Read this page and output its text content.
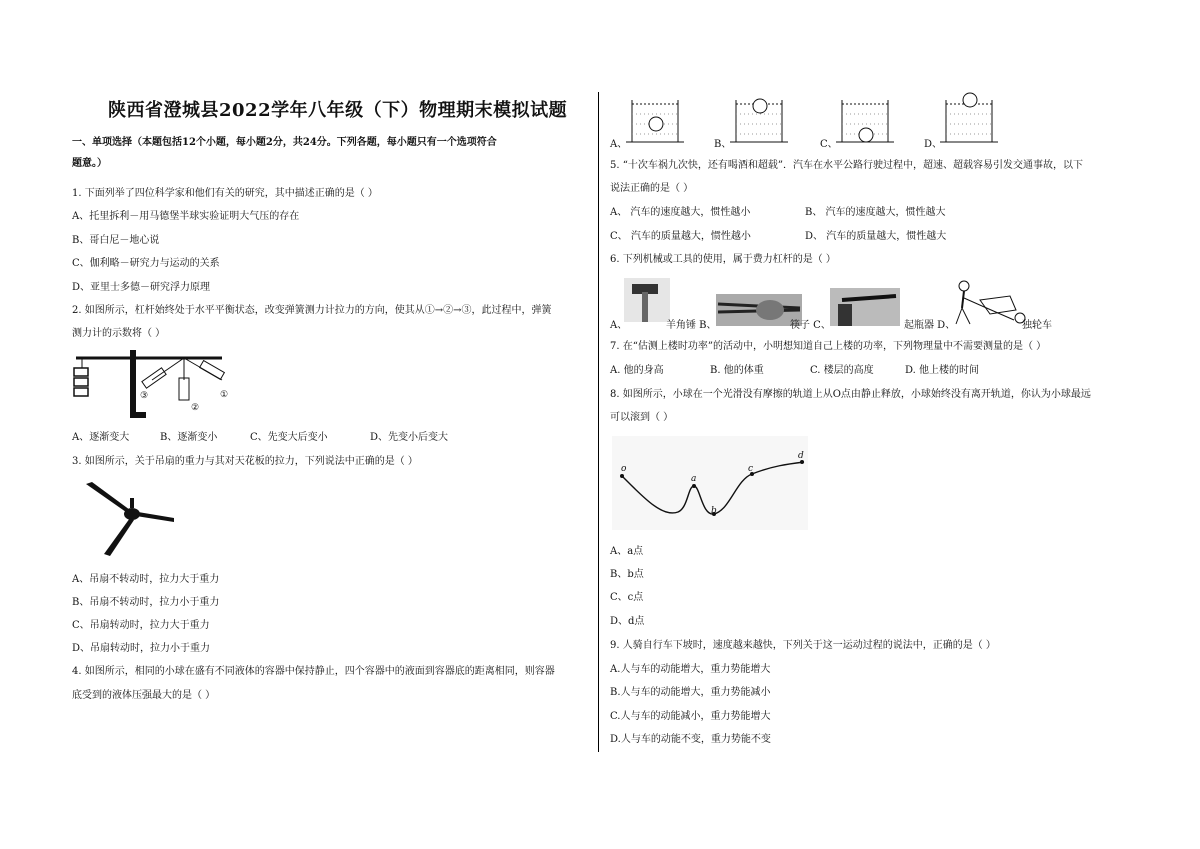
陕西省澄城县2022学年八年级（下）物理期末模拟试题
一、单项选择（本题包括12个小题，每小题2分，共24分。下列各题，每小题只有一个选项符合
题意。）
1. 下面列举了四位科学家和他们有关的研究，其中描述正确的是（ ）
A、托里拆利－用马德堡半球实验证明大气压的存在
B、哥白尼－地心说
C、伽利略－研究力与运动的关系
D、亚里士多德－研究浮力原理
2. 如图所示，杠杆始终处于水平平衡状态，改变弹簧测力计拉力的方向，使其从①→②→③，此过程中，弹簧
测力计的示数将（ ）
③
②
①
A、逐渐变大	B、逐渐变小	C、先变大后变小	D、先变小后变大
3. 如图所示，关于吊扇的重力与其对天花板的拉力，下列说法中正确的是（ ）
A、吊扇不转动时，拉力大于重力
B、吊扇不转动时，拉力小于重力
C、吊扇转动时，拉力大于重力
D、吊扇转动时，拉力小于重力
4. 如图所示，相同的小球在盛有不同液体的容器中保持静止，四个容器中的液面到容器底的距离相同，则容器
底受到的液体压强最大的是（ ）
A、	B、	C、	D、
5. “十次车祸九次快，还有喝酒和超载”．汽车在水平公路行驶过程中，超速、超载容易引发交通事故，以下
说法正确的是（ ）
A、 汽车的速度越大，惯性越小	B、 汽车的速度越大，惯性越大
C、 汽车的质量越大，惯性越小	D、 汽车的质量越大，惯性越大
6. 下列机械或工具的使用，属于费力杠杆的是（ ）
A、	羊角锤 B、	筷子 C、	起瓶器 D、	独轮车
7. 在“估测上楼时功率”的活动中，小明想知道自己上楼的功率，下列物理量中不需要测量的是（ ）
A. 他的身高	B. 他的体重	C. 楼层的高度	D. 他上楼的时间
8. 如图所示，小球在一个光滑没有摩擦的轨道上从O点由静止释放，小球始终没有离开轨道，你认为小球最远
可以滚到（ ）
o
a
b
c
d
A、a点
B、b点
C、c点
D、d点
9. 人骑自行车下坡时，速度越来越快，下列关于这一运动过程的说法中，正确的是（ ）
A.人与车的动能增大，重力势能增大
B.人与车的动能增大，重力势能减小
C.人与车的动能减小，重力势能增大
D.人与车的动能不变，重力势能不变
